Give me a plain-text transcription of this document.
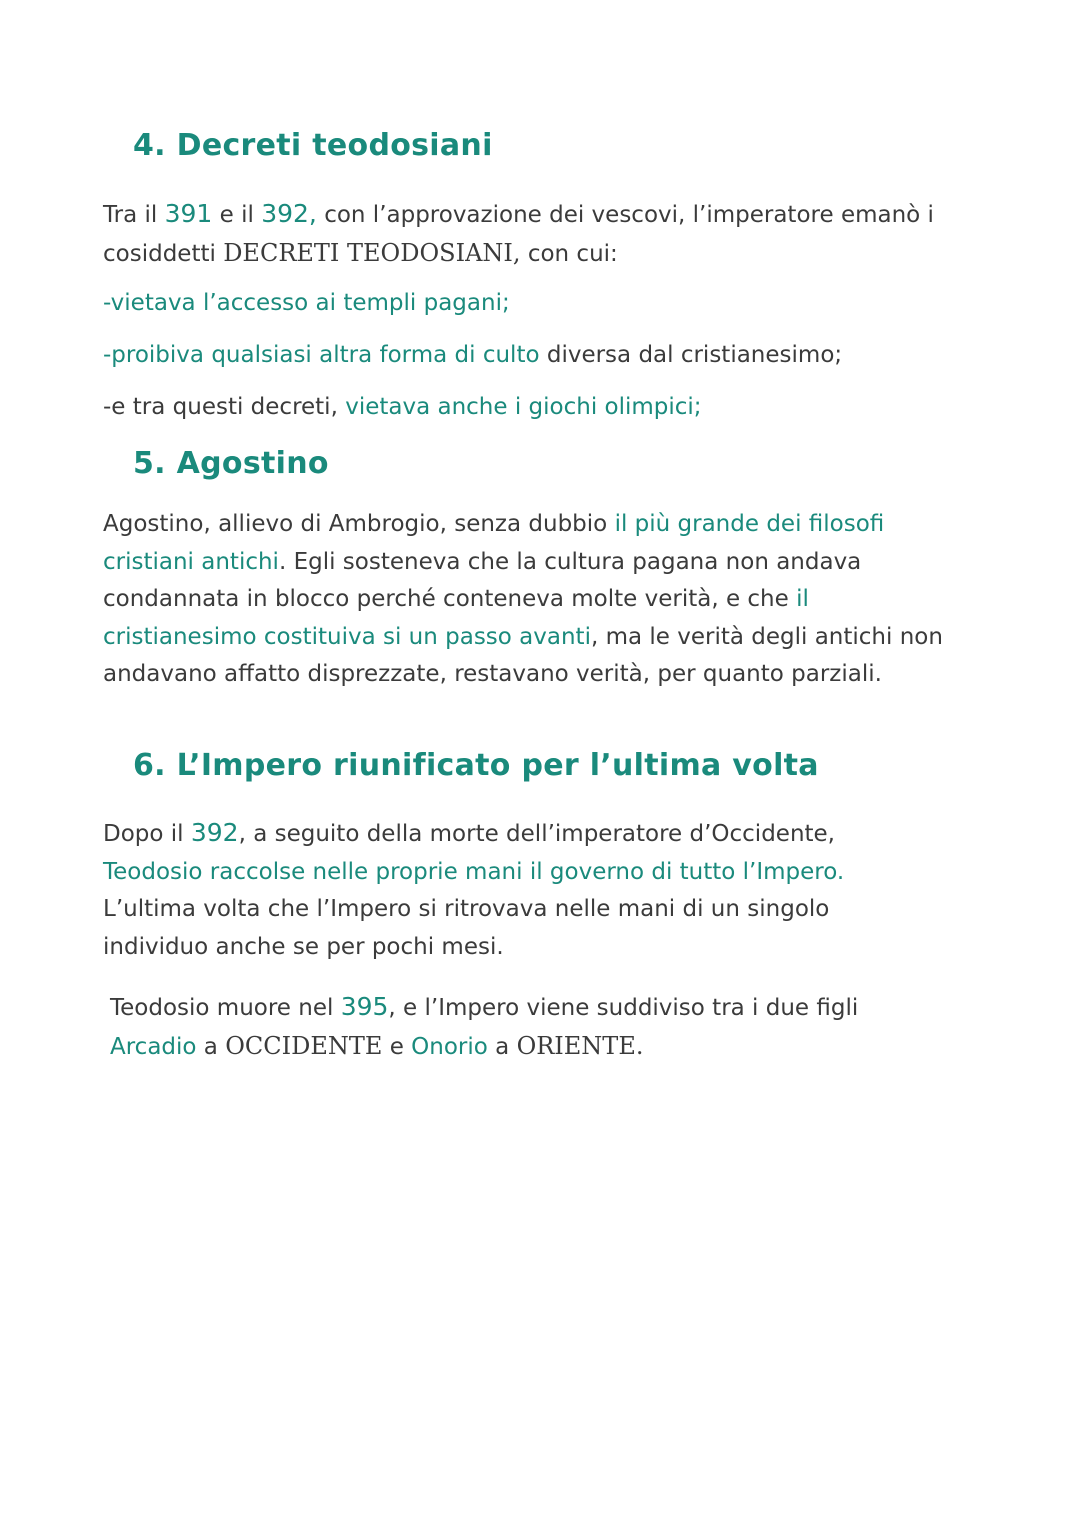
4. Decreti teodosiani

Tra il 391 e il 392, con l’approvazione dei vescovi, l’imperatore emanò i cosiddetti DECRETI TEODOSIANI, con cui:

-vietava l’accesso ai templi pagani;

-proibiva qualsiasi altra forma di culto diversa dal cristianesimo;

-e tra questi decreti, vietava anche i giochi olimpici;

5. Agostino

Agostino, allievo di Ambrogio, senza dubbio il più grande dei filosofi cristiani antichi. Egli sosteneva che la cultura pagana non andava condannata in blocco perché conteneva molte verità, e che il cristianesimo costituiva si un passo avanti, ma le verità degli antichi non andavano affatto disprezzate, restavano verità, per quanto parziali.

6. L’Impero riunificato per l’ultima volta

Dopo il 392, a seguito della morte dell’imperatore d’Occidente, Teodosio raccolse nelle proprie mani il governo di tutto l’Impero. L’ultima volta che l’Impero si ritrovava nelle mani di un singolo individuo anche se per pochi mesi.

Teodosio muore nel 395, e l’Impero viene suddiviso tra i due figli Arcadio a OCCIDENTE e Onorio a ORIENTE.
